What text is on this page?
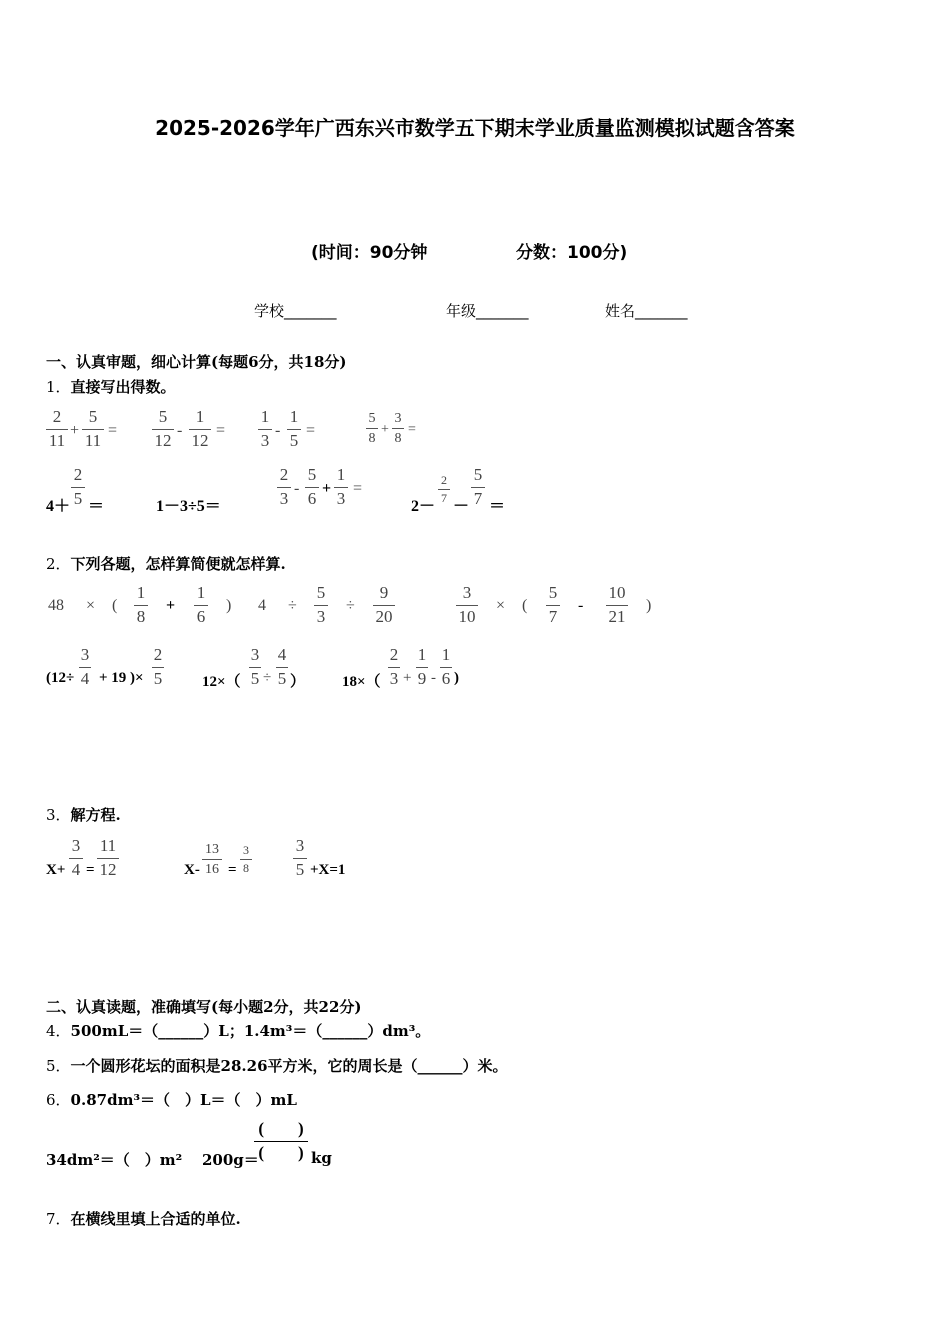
2025-2026学年广西东兴市数学五下期末学业质量监测模拟试题含答案
(时间：90分钟	分数：100分)
学校_______	年级_______	姓名_______
一、认真审题，细心计算(每题6分，共18分)
1．直接写出得数。
2
11
+
5
11
=
5
12
-
1
12
=
1
3
-
1
5
=
5
8
+
3
8
=
4＋
2
5 ＝	1－3÷5＝
2
3
-
5
6
+
1
3
=
2－
2
7 －
5
7 ＝
2．下列各题，怎样算简便就怎样算.
48 × (
1
8
+
1
6
) 4 ÷
5
3
÷
9
20
3
10
× (
5
7
-
10
21
)
(12÷
3
4 + 19 )×
2
5	12×（
3
5 ÷
4
5 ） 18×（
2
3 +
1
9 -
1
6 )
3．解方程.
X+
3
4 =
11
12	X-
13
16 =
3
8
3
5 +X=1
二、认真读题，准确填写(每小题2分，共22分)
4．500mL＝（______）L；1.4m³＝（______）dm³。
5．一个圆形花坛的面积是28.26平方米，它的周长是（______）米。
6．0.87dm³＝（　）L＝（　）mL
34dm²＝（　）m² 200g＝
(　　)
(　　) kg
7．在横线里填上合适的单位.
